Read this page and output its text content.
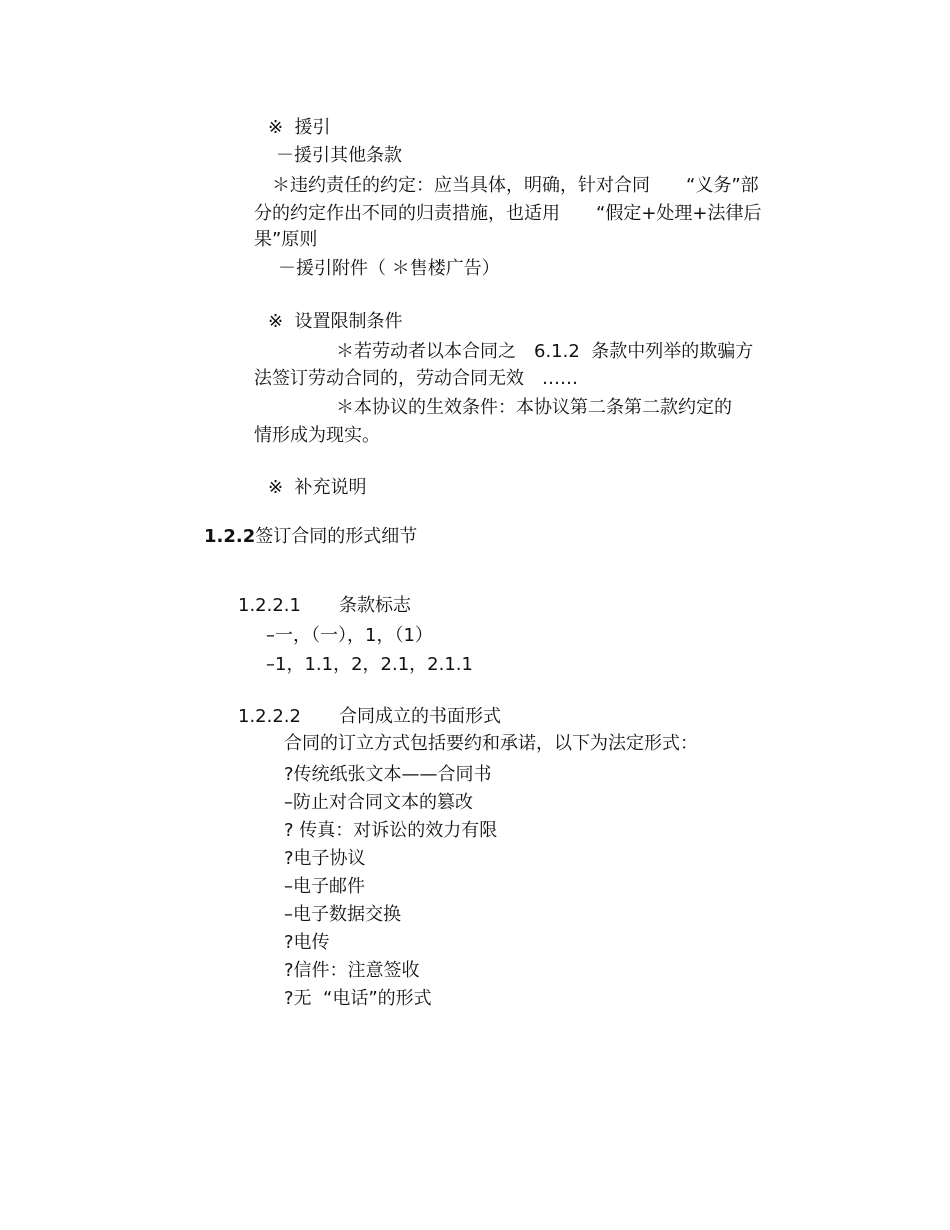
※  援引
－援引其他条款
＊违约责任的约定：应当具体，明确，针对合同　　“义务”部
分的约定作出不同的归责措施，也适用　　“假定+处理+法律后
果”原则
－援引附件（ ＊售楼广告）
※  设置限制条件
＊若劳动者以本合同之　6.1.2  条款中列举的欺骗方
法签订劳动合同的，劳动合同无效　……
＊本协议的生效条件：本协议第二条第二款约定的
情形成为现实。
※  补充说明
1.2.2签订合同的形式细节
1.2.2.1 条款标志
–一，（一），1，（1）
–1，1.1，2，2.1，2.1.1
1.2.2.2 合同成立的书面形式
合同的订立方式包括要约和承诺，以下为法定形式：
?传统纸张文本——合同书
–防止对合同文本的篡改
? 传真：对诉讼的效力有限
?电子协议
–电子邮件
–电子数据交换
?电传
?信件：注意签收
?无  “电话”的形式
